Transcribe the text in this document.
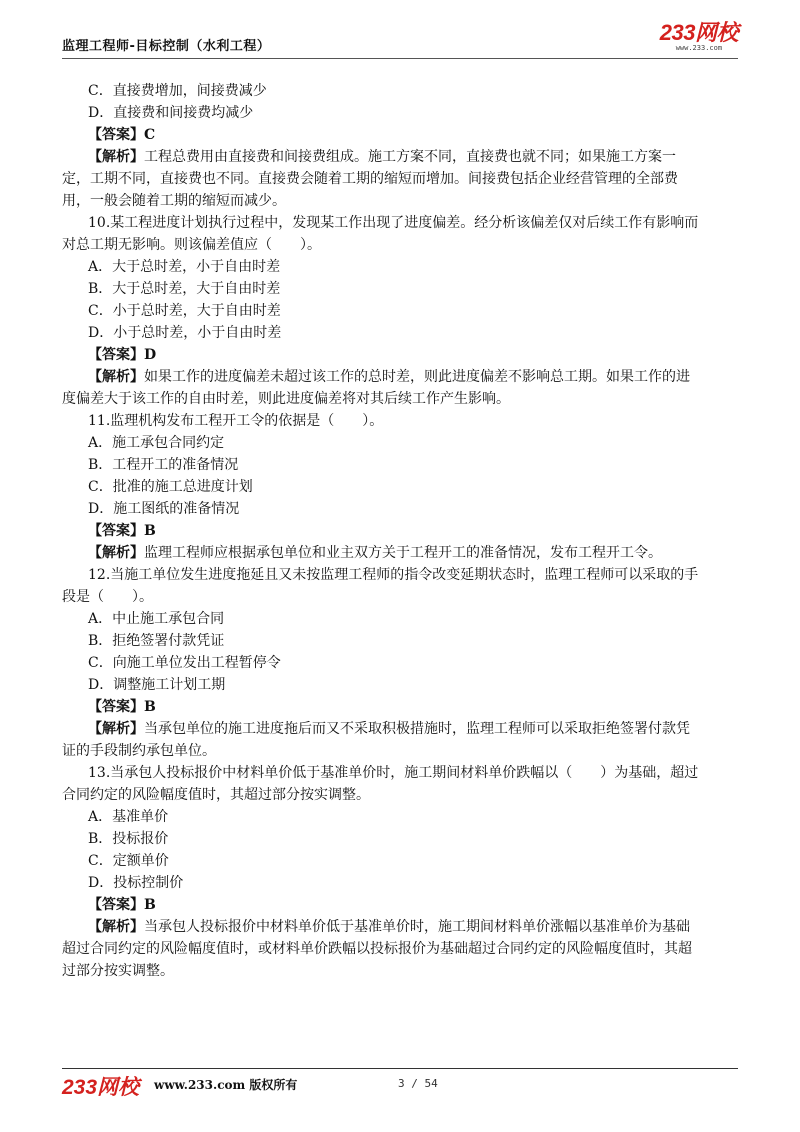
监理工程师-目标控制（水利工程）
233网校
www.233.com
C．直接费增加，间接费减少
D．直接费和间接费均减少
【答案】C
【解析】工程总费用由直接费和间接费组成。施工方案不同，直接费也就不同；如果施工方案一
定，工期不同，直接费也不同。直接费会随着工期的缩短而增加。间接费包括企业经营管理的全部费
用，一般会随着工期的缩短而减少。
10.某工程进度计划执行过程中，发现某工作出现了进度偏差。经分析该偏差仅对后续工作有影响而
对总工期无影响。则该偏差值应（　　）。
A．大于总时差，小于自由时差
B．大于总时差，大于自由时差
C．小于总时差，大于自由时差
D．小于总时差，小于自由时差
【答案】D
【解析】如果工作的进度偏差未超过该工作的总时差，则此进度偏差不影响总工期。如果工作的进
度偏差大于该工作的自由时差，则此进度偏差将对其后续工作产生影响。
11.监理机构发布工程开工令的依据是（　　）。
A．施工承包合同约定
B．工程开工的准备情况
C．批准的施工总进度计划
D．施工图纸的准备情况
【答案】B
【解析】监理工程师应根据承包单位和业主双方关于工程开工的准备情况，发布工程开工令。
12.当施工单位发生进度拖延且又未按监理工程师的指令改变延期状态时，监理工程师可以采取的手
段是（　　）。
A．中止施工承包合同
B．拒绝签署付款凭证
C．向施工单位发出工程暂停令
D．调整施工计划工期
【答案】B
【解析】当承包单位的施工进度拖后而又不采取积极措施时，监理工程师可以采取拒绝签署付款凭
证的手段制约承包单位。
13.当承包人投标报价中材料单价低于基准单价时，施工期间材料单价跌幅以（　　）为基础，超过
合同约定的风险幅度值时，其超过部分按实调整。
A．基准单价
B．投标报价
C．定额单价
D．投标控制价
【答案】B
【解析】当承包人投标报价中材料单价低于基准单价时，施工期间材料单价涨幅以基准单价为基础
超过合同约定的风险幅度值时，或材料单价跌幅以投标报价为基础超过合同约定的风险幅度值时，其超
过部分按实调整。
233网校 www.233.com 版权所有	3 / 54
